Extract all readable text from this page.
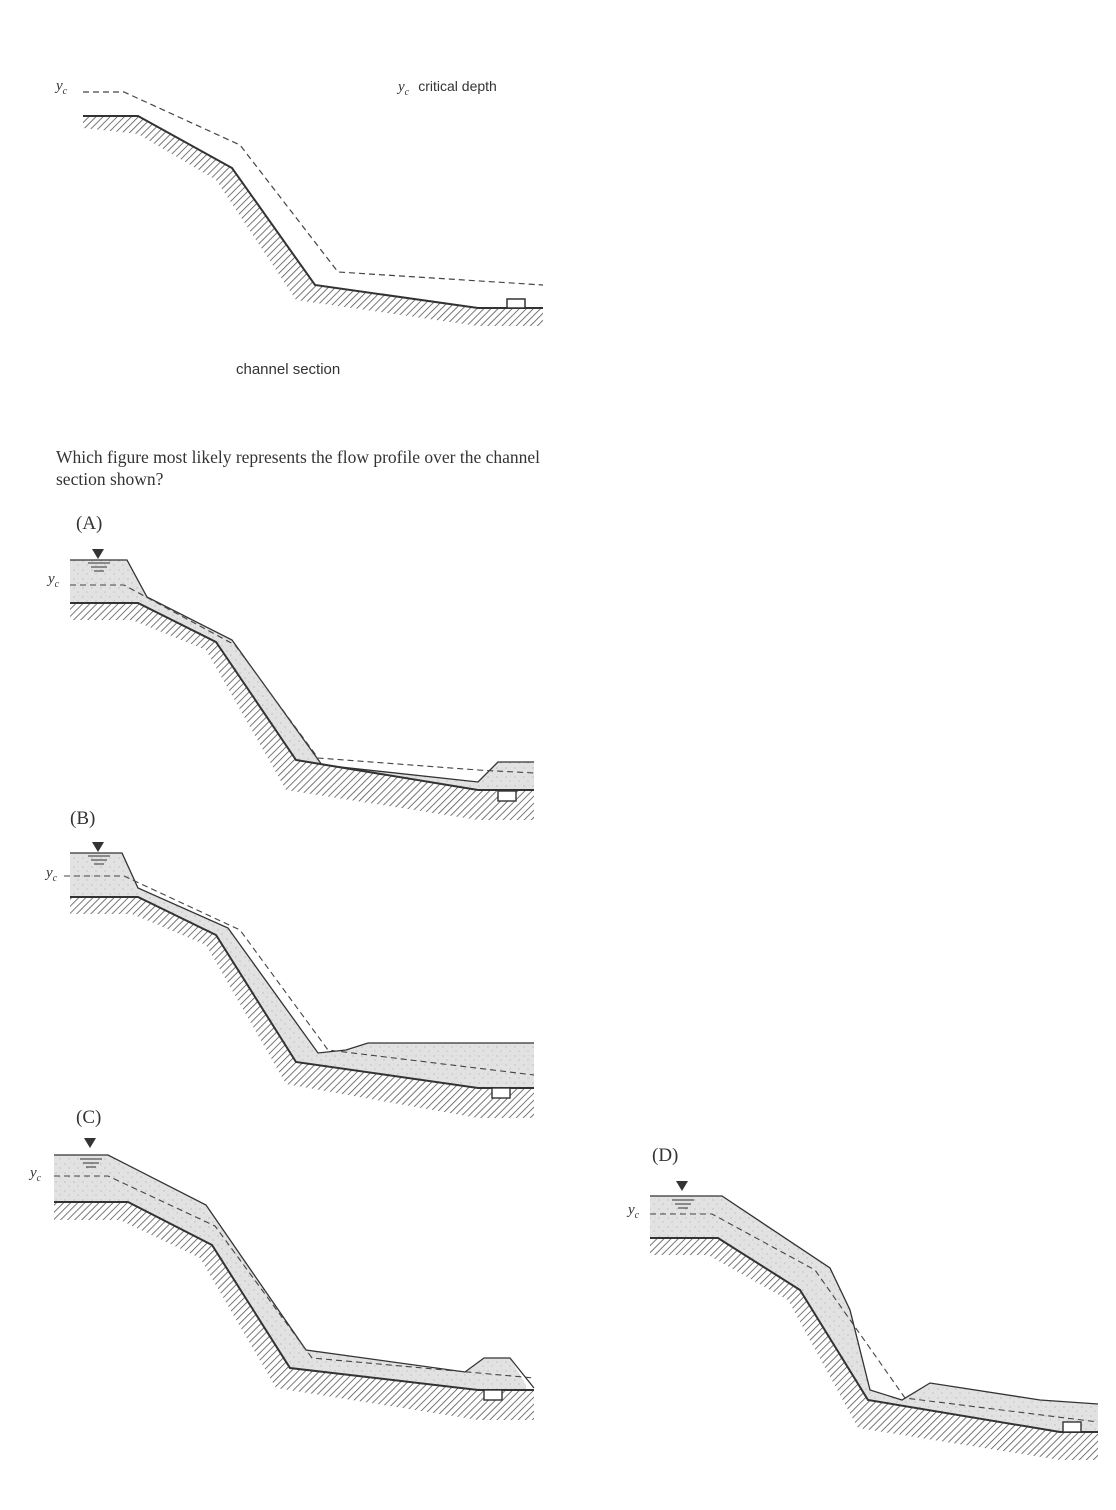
$y_c$	$y_c$ critical depth
channel section

Which figure most likely represents the flow profile over the channel section shown?

(A)
$y_c$
(B)
$y_c$
(C)
$y_c$
(D)
$y_c$
